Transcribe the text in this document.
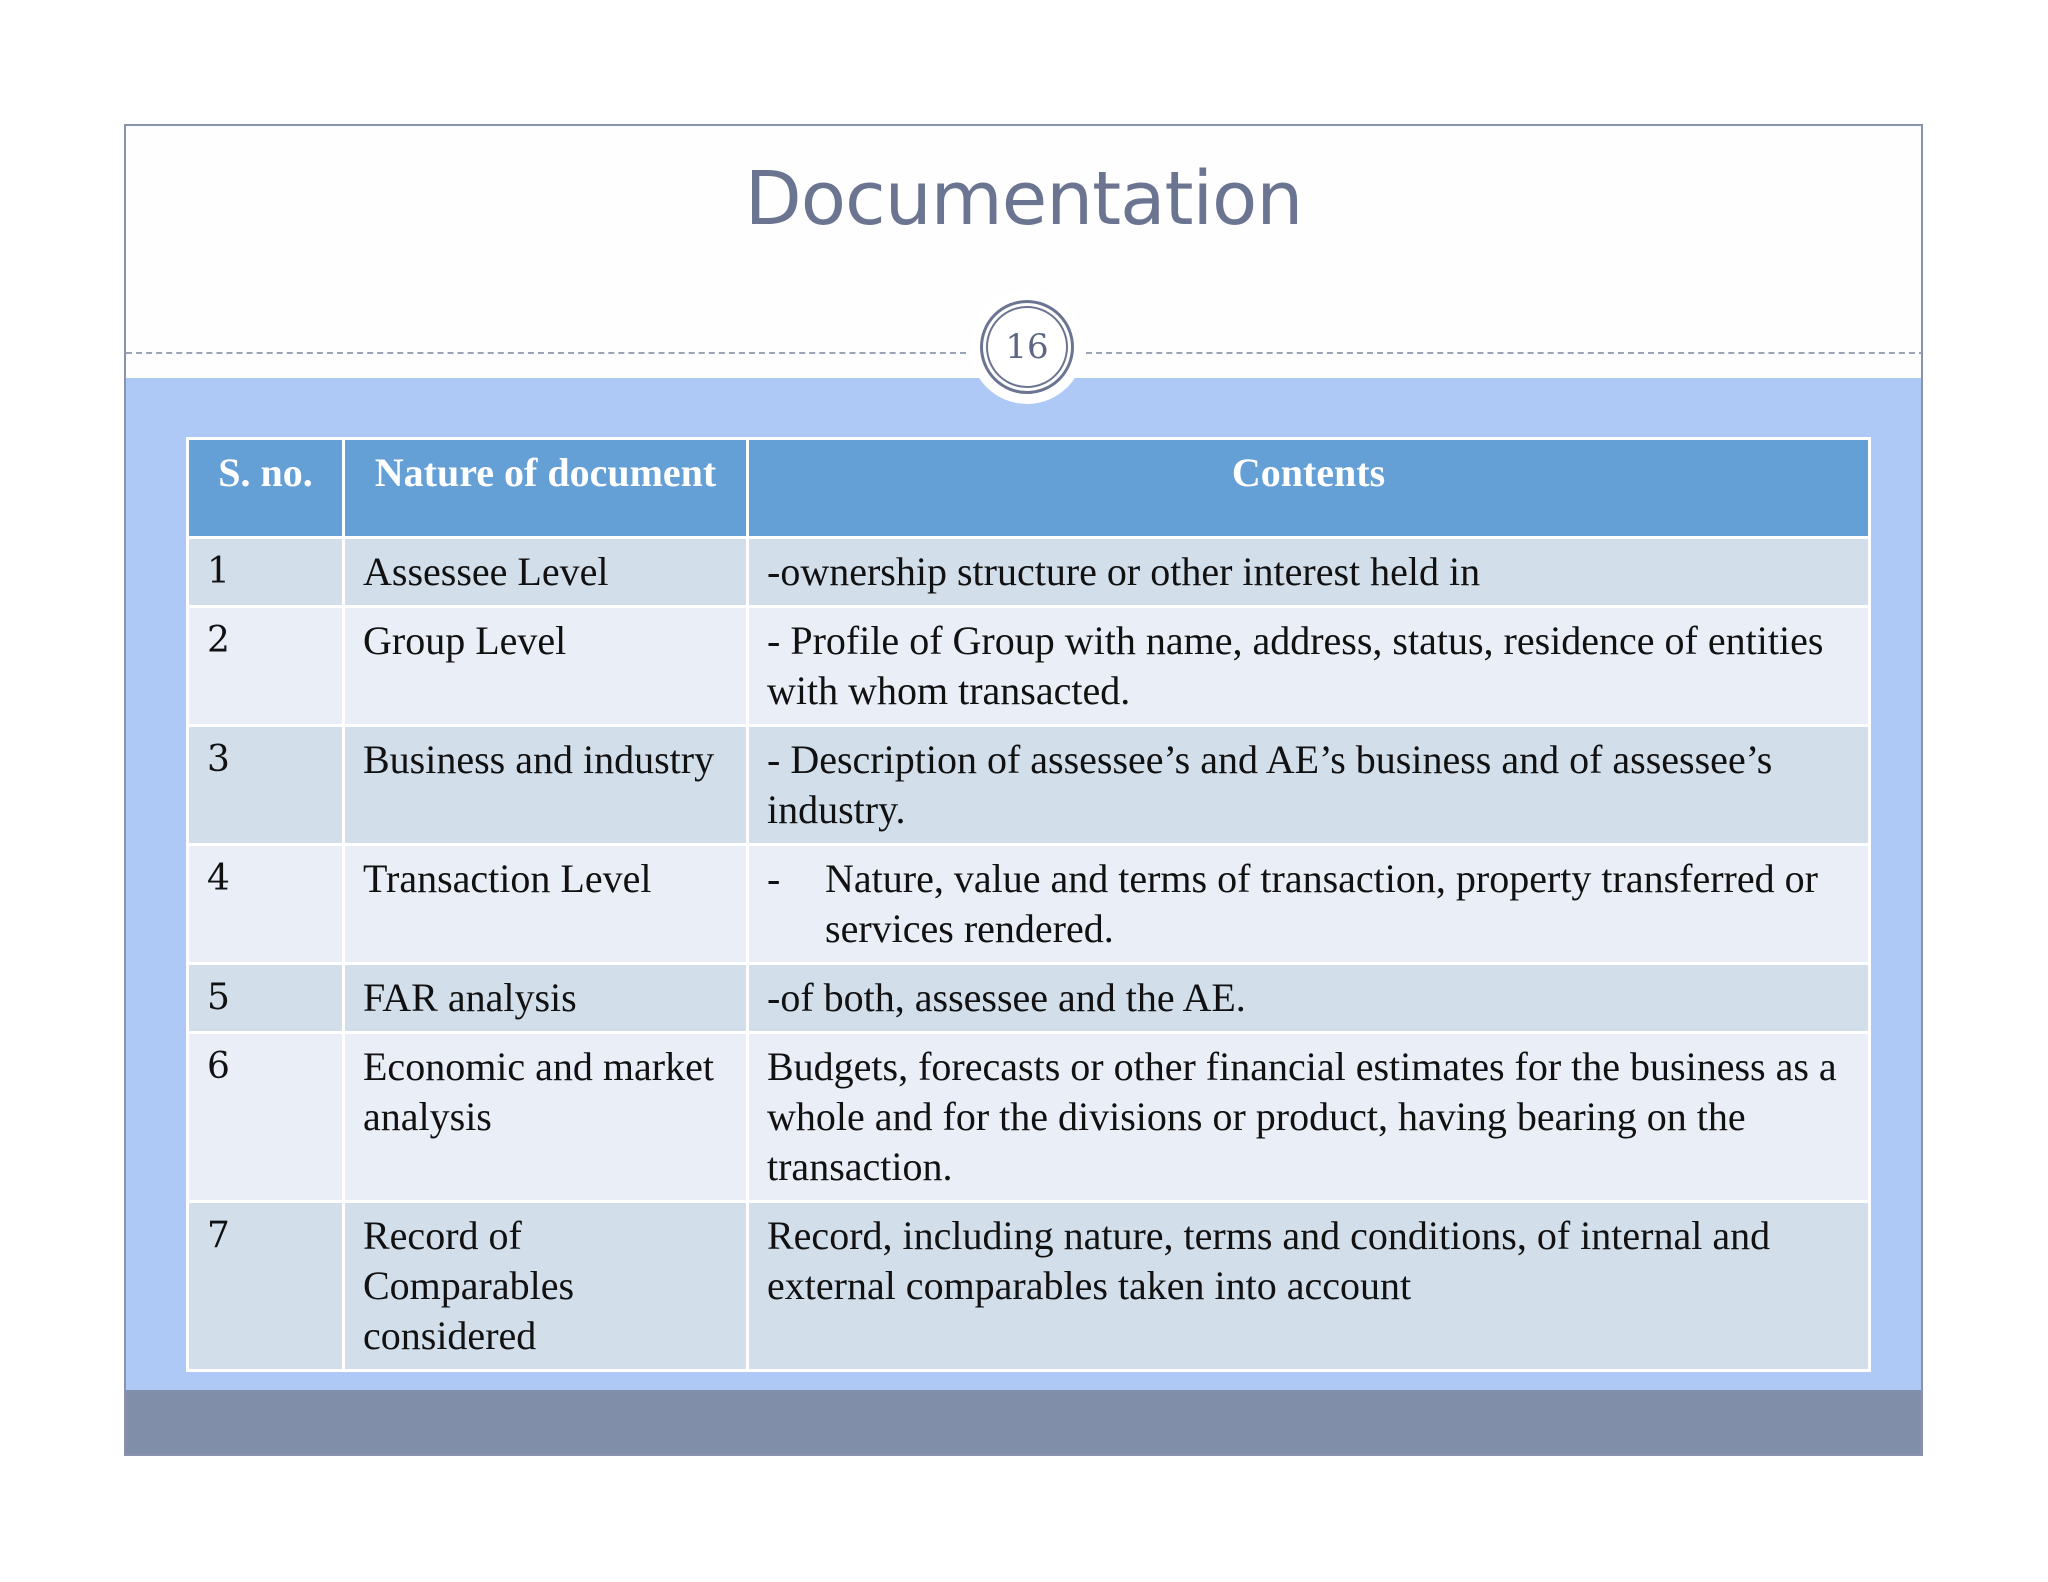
Documentation
16
S. no.	Nature of document	Contents
1	Assessee Level	-ownership structure or other interest held in
2	Group Level	- Profile of Group with name, address, status, residence of entities with whom transacted.
3	Business and industry	- Description of assessee’s and AE’s business and of assessee’s industry.
4	Transaction Level	- Nature, value and terms of transaction, property transferred or services rendered.

5	FAR analysis	-of both, assessee and the AE.
6	Economic and market analysis	Budgets, forecasts or other financial estimates for the business as a whole and for the divisions or product, having bearing on the transaction.
7	Record of Comparables considered	Record, including nature, terms and conditions, of internal and external comparables taken into account
